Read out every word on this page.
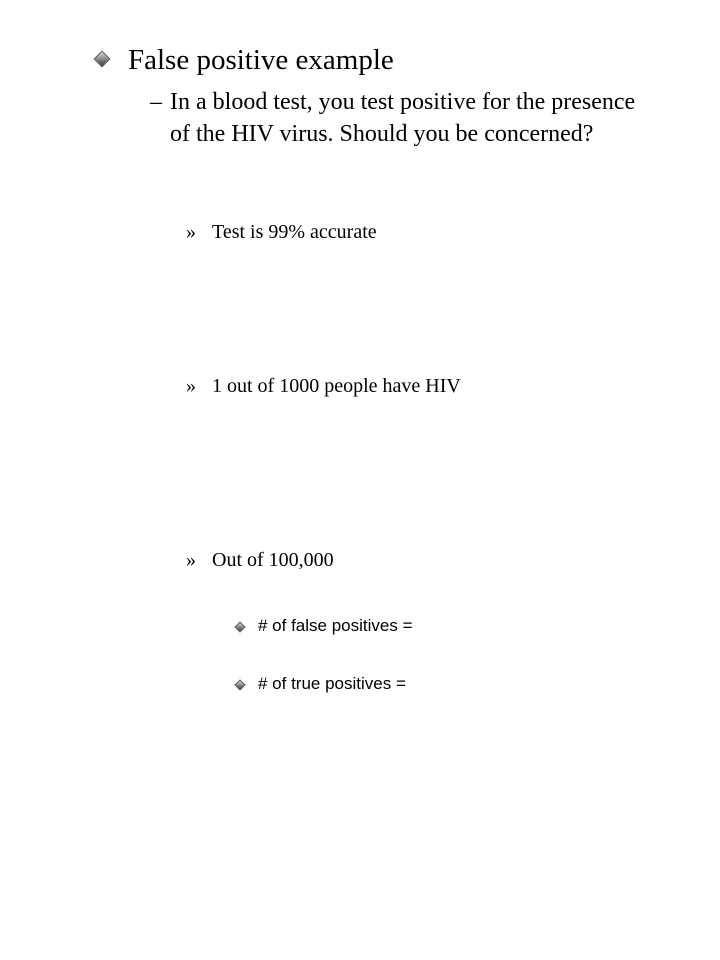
False positive example
– In a blood test, you test positive for the presence of the HIV virus. Should you be concerned?
» Test is 99% accurate
» 1 out of 1000 people have HIV
» Out of 100,000
# of false positives =
# of true positives =
